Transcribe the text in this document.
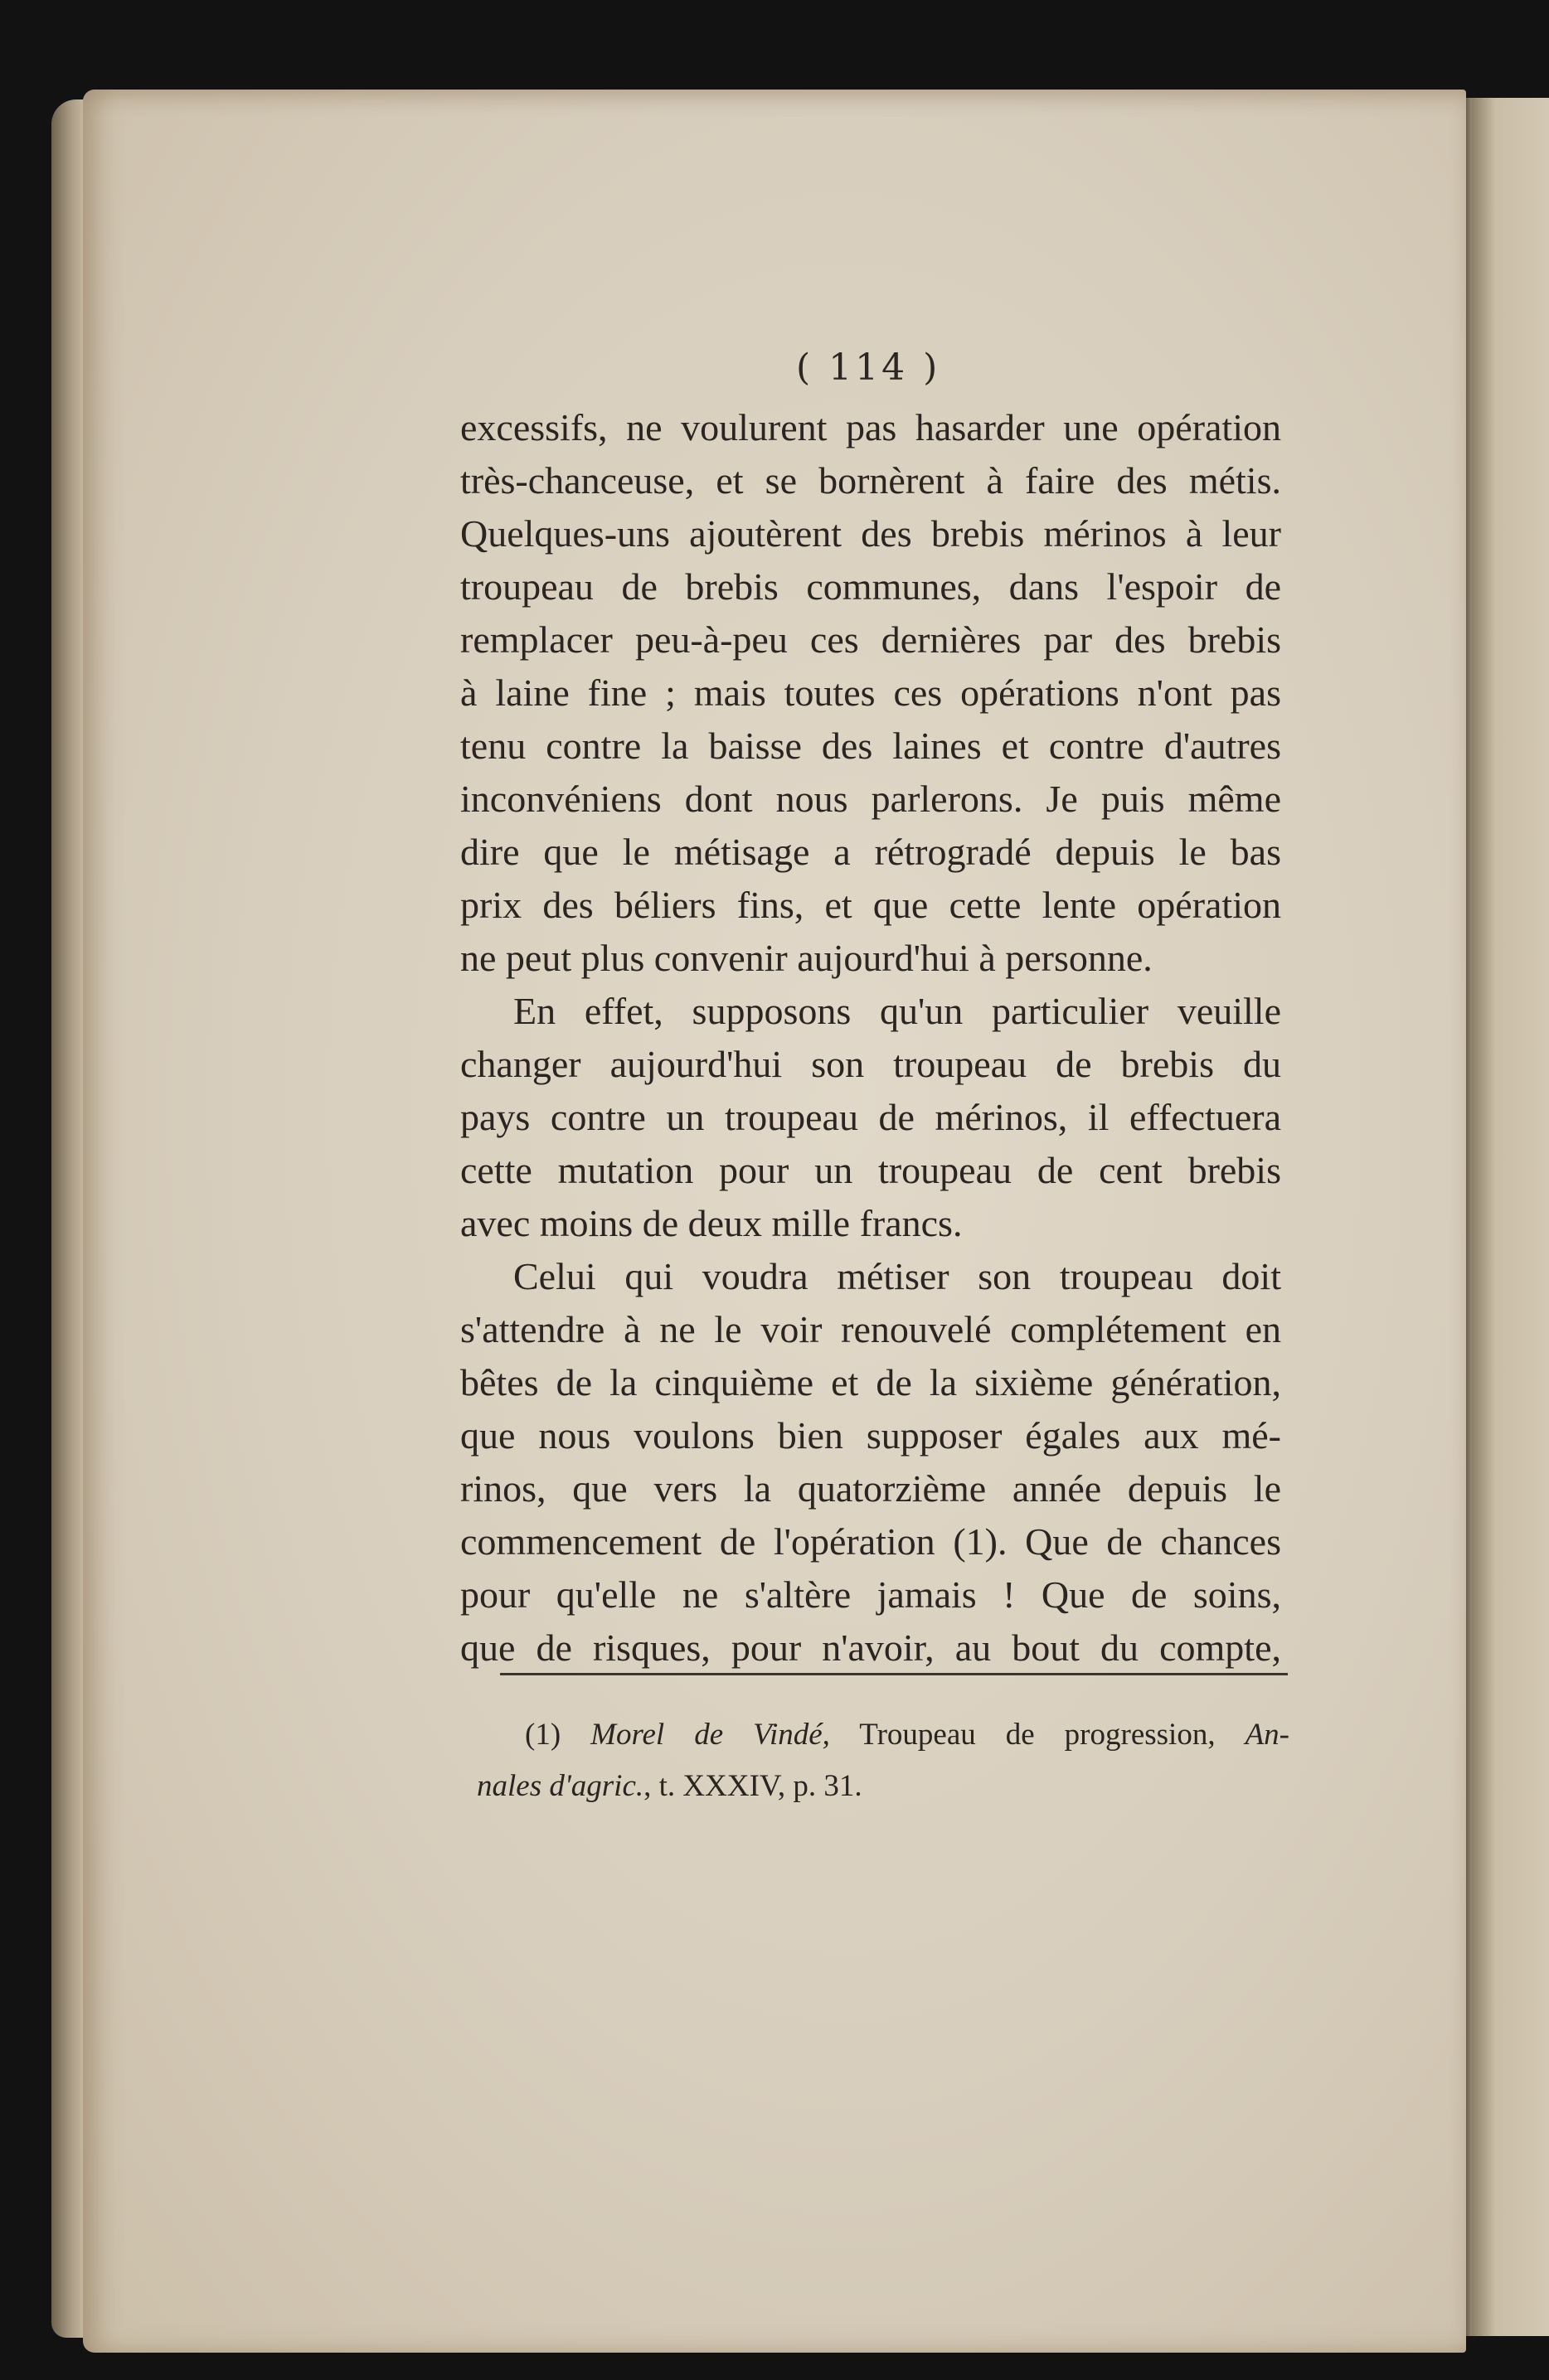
( 114 )

excessifs, ne voulurent pas hasarder une opération
très-chanceuse, et se bornèrent à faire des métis.
Quelques-uns ajoutèrent des brebis mérinos à leur
troupeau de brebis communes, dans l'espoir de
remplacer peu-à-peu ces dernières par des brebis
à laine fine ; mais toutes ces opérations n'ont pas
tenu contre la baisse des laines et contre d'autres
inconvéniens dont nous parlerons. Je puis même
dire que le métisage a rétrogradé depuis le bas
prix des béliers fins, et que cette lente opération
ne peut plus convenir aujourd'hui à personne.
En effet, supposons qu'un particulier veuille
changer aujourd'hui son troupeau de brebis du
pays contre un troupeau de mérinos, il effectuera
cette mutation pour un troupeau de cent brebis
avec moins de deux mille francs.
Celui qui voudra métiser son troupeau doit
s'attendre à ne le voir renouvelé complétement en
bêtes de la cinquième et de la sixième génération,
que nous voulons bien supposer égales aux mé-
rinos, que vers la quatorzième année depuis le
commencement de l'opération (1). Que de chances
pour qu'elle ne s'altère jamais ! Que de soins,
que de risques, pour n'avoir, au bout du compte,
(1) Morel de Vindé, Troupeau de progression, An-
nales d'agric., t. XXXIV, p. 31.
